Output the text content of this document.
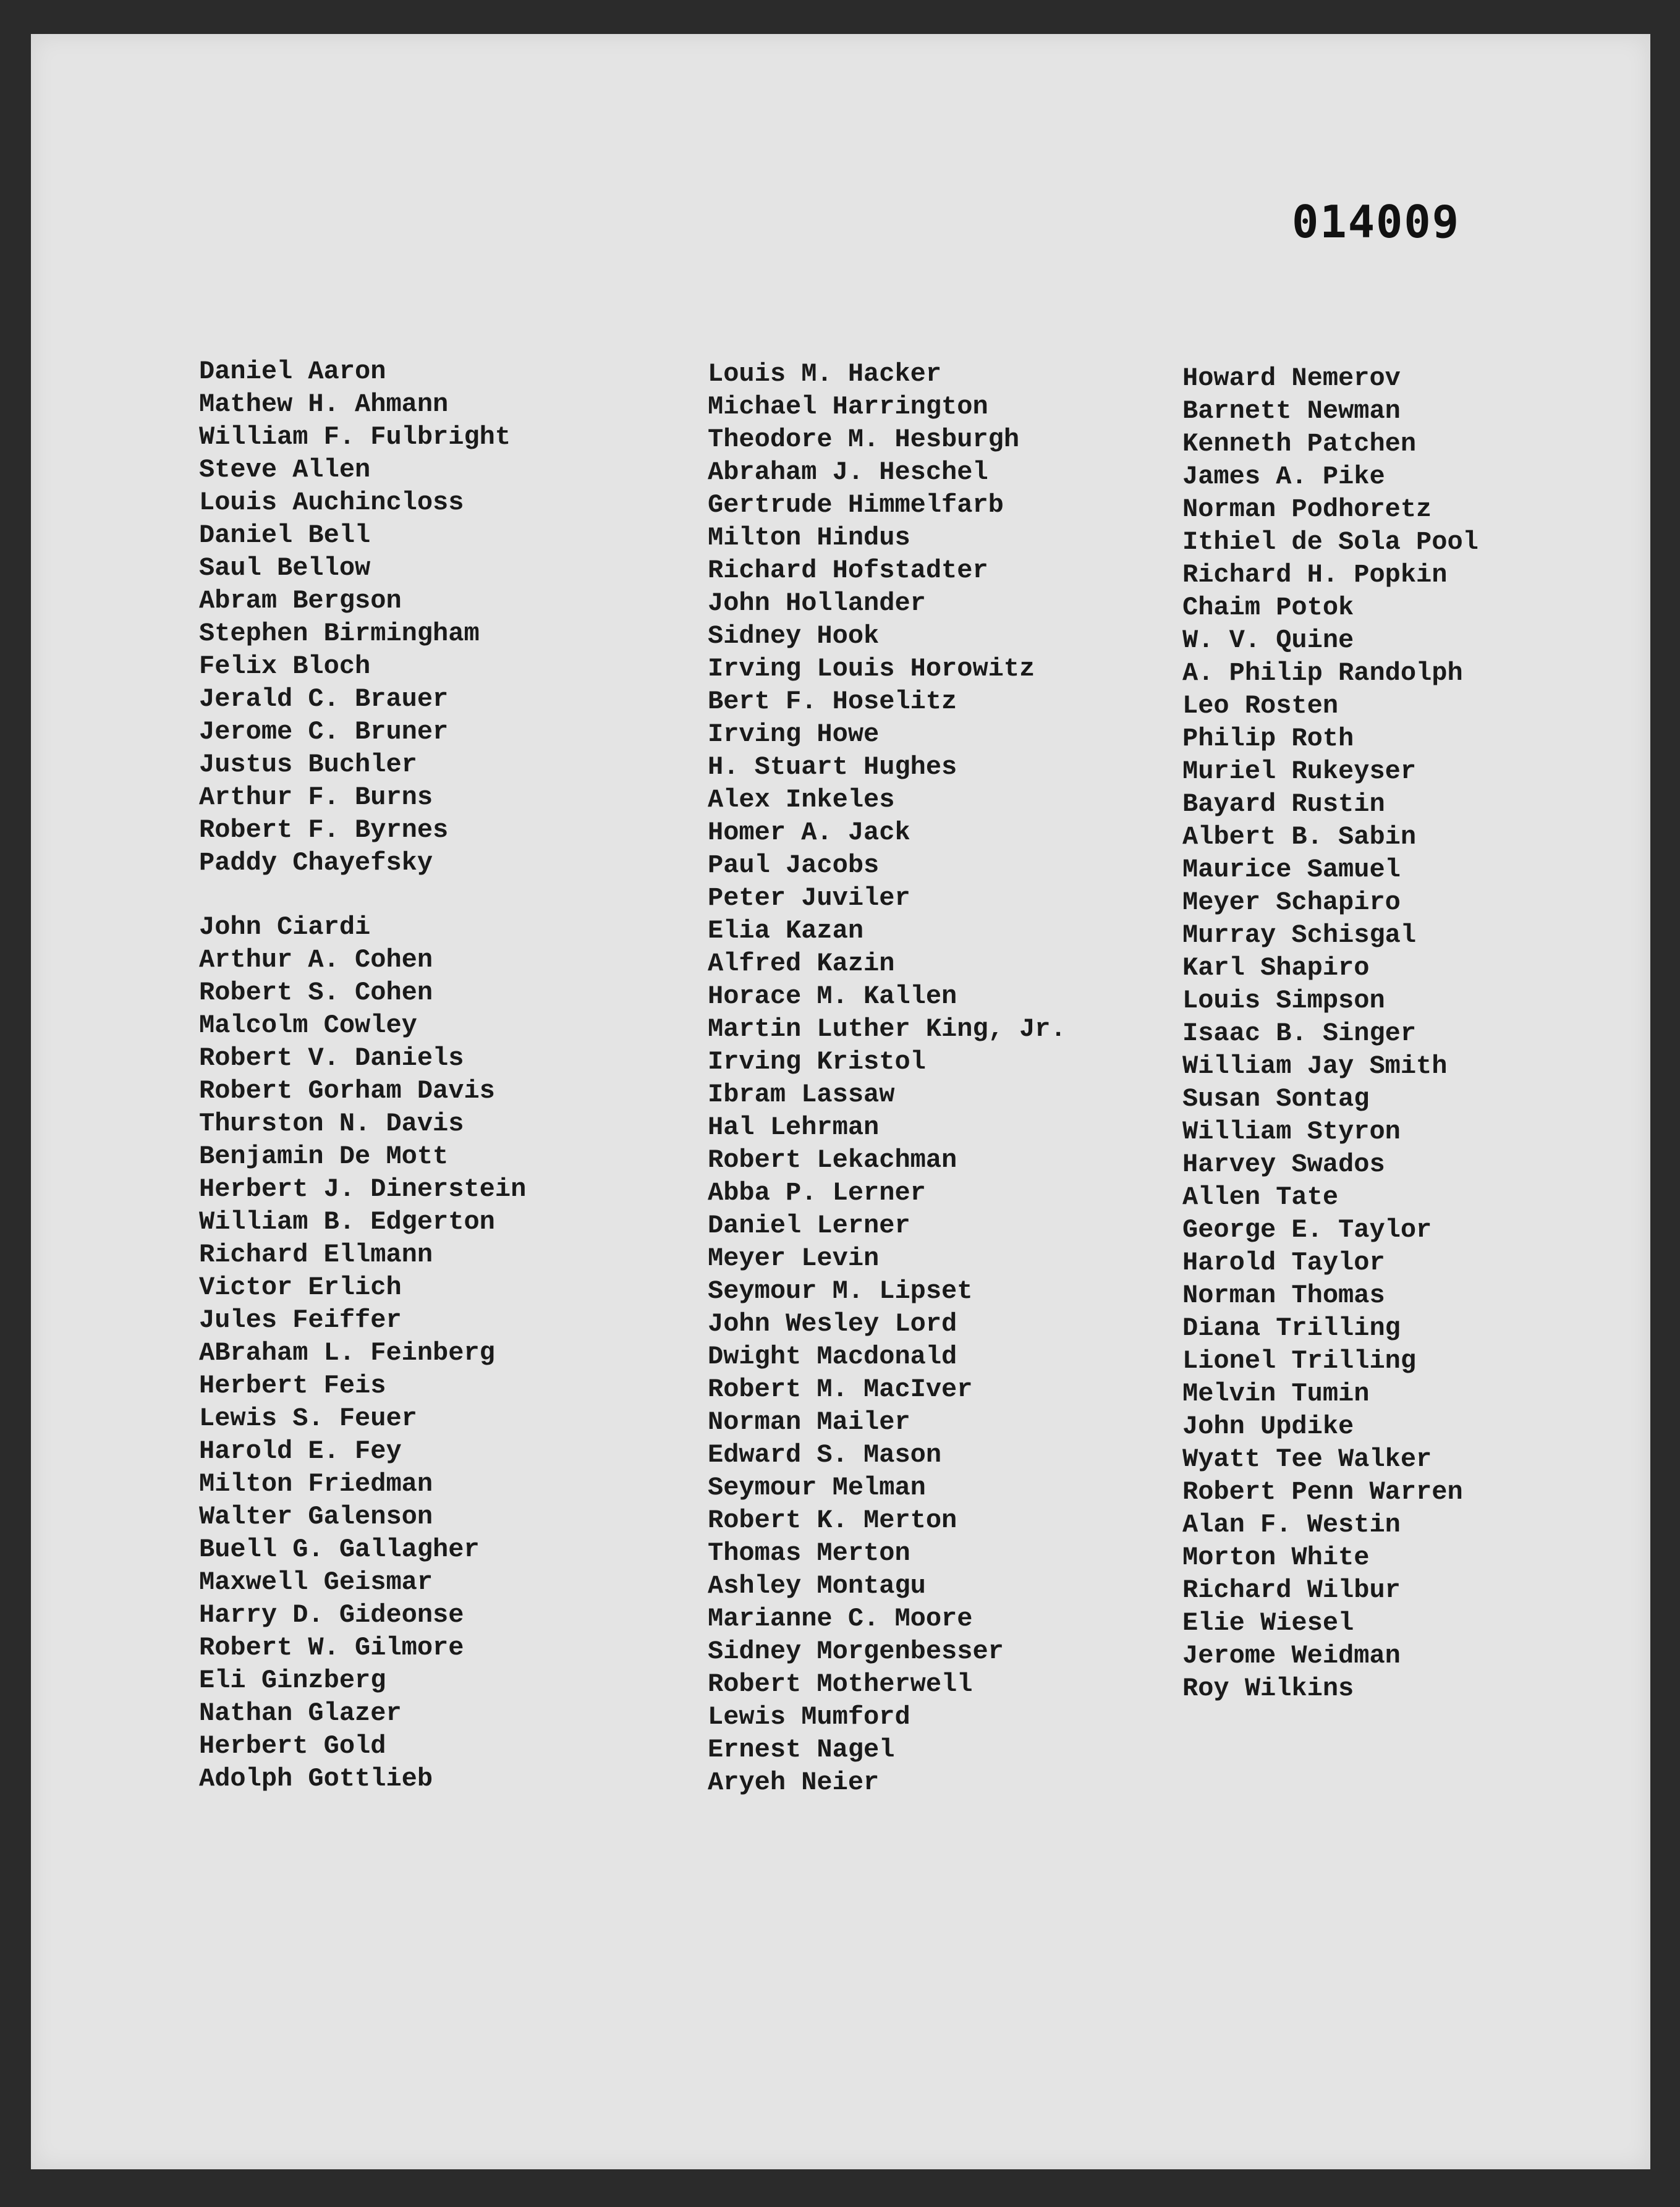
014009
Daniel Aaron
Mathew H. Ahmann
William F. Fulbright
Steve Allen
Louis Auchincloss
Daniel Bell
Saul Bellow
Abram Bergson
Stephen Birmingham
Felix Bloch
Jerald C. Brauer
Jerome C. Bruner
Justus Buchler
Arthur F. Burns
Robert F. Byrnes
Paddy Chayefsky
John Ciardi
Arthur A. Cohen
Robert S. Cohen
Malcolm Cowley
Robert V. Daniels
Robert Gorham Davis
Thurston N. Davis
Benjamin De Mott
Herbert J. Dinerstein
William B. Edgerton
Richard Ellmann
Victor Erlich
Jules Feiffer
ABraham L. Feinberg
Herbert Feis
Lewis S. Feuer
Harold E. Fey
Milton Friedman
Walter Galenson
Buell G. Gallagher
Maxwell Geismar
Harry D. Gideonse
Robert W. Gilmore
Eli Ginzberg
Nathan Glazer
Herbert Gold
Adolph Gottlieb
Louis M. Hacker
Michael Harrington
Theodore M. Hesburgh
Abraham J. Heschel
Gertrude Himmelfarb
Milton Hindus
Richard Hofstadter
John Hollander
Sidney Hook
Irving Louis Horowitz
Bert F. Hoselitz
Irving Howe
H. Stuart Hughes
Alex Inkeles
Homer A. Jack
Paul Jacobs
Peter Juviler
Elia Kazan
Alfred Kazin
Horace M. Kallen
Martin Luther King, Jr.
Irving Kristol
Ibram Lassaw
Hal Lehrman
Robert Lekachman
Abba P. Lerner
Daniel Lerner
Meyer Levin
Seymour M. Lipset
John Wesley Lord
Dwight Macdonald
Robert M. MacIver
Norman Mailer
Edward S. Mason
Seymour Melman
Robert K. Merton
Thomas Merton
Ashley Montagu
Marianne C. Moore
Sidney Morgenbesser
Robert Motherwell
Lewis Mumford
Ernest Nagel
Aryeh Neier
Howard Nemerov
Barnett Newman
Kenneth Patchen
James A. Pike
Norman Podhoretz
Ithiel de Sola Pool
Richard H. Popkin
Chaim Potok
W. V. Quine
A. Philip Randolph
Leo Rosten
Philip Roth
Muriel Rukeyser
Bayard Rustin
Albert B. Sabin
Maurice Samuel
Meyer Schapiro
Murray Schisgal
Karl Shapiro
Louis Simpson
Isaac B. Singer
William Jay Smith
Susan Sontag
William Styron
Harvey Swados
Allen Tate
George E. Taylor
Harold Taylor
Norman Thomas
Diana Trilling
Lionel Trilling
Melvin Tumin
John Updike
Wyatt Tee Walker
Robert Penn Warren
Alan F. Westin
Morton White
Richard Wilbur
Elie Wiesel
Jerome Weidman
Roy Wilkins
